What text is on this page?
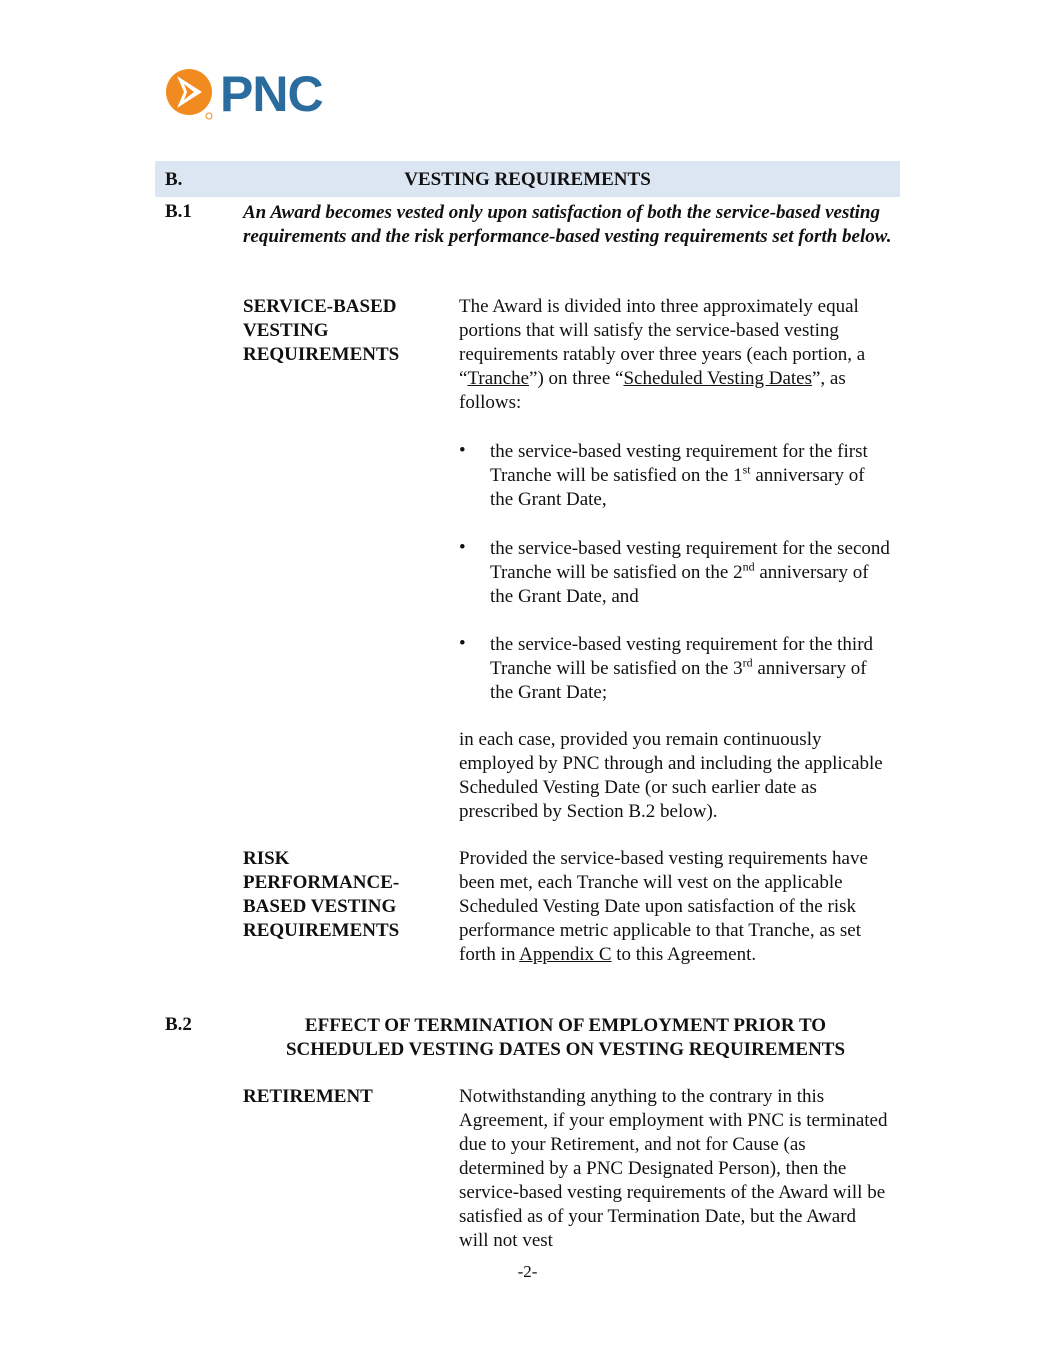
PNC
VESTING REQUIREMENTS
B.
B.1	An Award becomes vested only upon satisfaction of both the service-based vesting requirements and the risk performance-based vesting requirements set forth below.
SERVICE-BASED
VESTING
REQUIREMENTS
The Award is divided into three approximately equal portions that will satisfy the service-based vesting requirements ratably over three years (each portion, a “Tranche”) on three “Scheduled Vesting Dates”, as follows:
• the service-based vesting requirement for the first Tranche will be satisfied on the 1st anniversary of the Grant Date,
• the service-based vesting requirement for the second Tranche will be satisfied on the 2nd anniversary of the Grant Date, and
• the service-based vesting requirement for the third Tranche will be satisfied on the 3rd anniversary of the Grant Date;
in each case, provided you remain continuously employed by PNC through and including the applicable Scheduled Vesting Date (or such earlier date as prescribed by Section B.2 below).
RISK
PERFORMANCE-
BASED VESTING
REQUIREMENTS
Provided the service-based vesting requirements have been met, each Tranche will vest on the applicable Scheduled Vesting Date upon satisfaction of the risk performance metric applicable to that Tranche, as set forth in Appendix C to this Agreement.
B.2	EFFECT OF TERMINATION OF EMPLOYMENT PRIOR TO
SCHEDULED VESTING DATES ON VESTING REQUIREMENTS
RETIREMENT	Notwithstanding anything to the contrary in this Agreement, if your employment with PNC is terminated due to your Retirement, and not for Cause (as determined by a PNC Designated Person), then the service-based vesting requirements of the Award will be satisfied as of your Termination Date, but the Award will not vest
-2-
